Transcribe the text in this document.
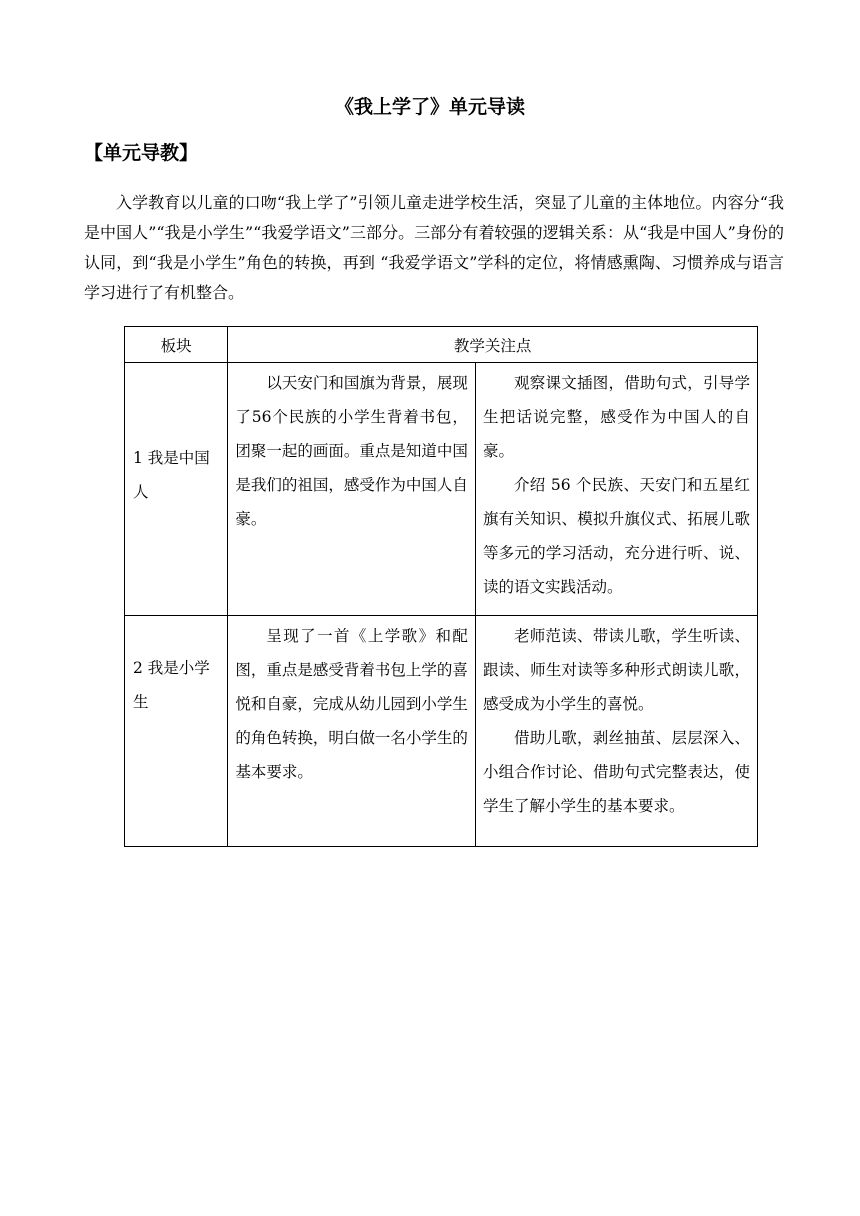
《我上学了》单元导读
【单元导教】

入学教育以儿童的口吻“我上学了”引领儿童走进学校生活，突显了儿童的主体地位。内容分“我是中国人”“我是小学生”“我爱学语文”三部分。三部分有着较强的逻辑关系：从“我是中国人”身份的认同，到“我是小学生”角色的转换，再到 “我爱学语文”学科的定位，将情感熏陶、习惯养成与语言学习进行了有机整合。

板块	教学关注点	

1 我是中国人	以天安门和国旗为背景，展现了56个民族的小学生背着书包，团聚一起的画面。重点是知道中国是我们的祖国，感受作为中国人自豪。	观察课文插图，借助句式，引导学生把话说完整，感受作为中国人的自豪。

介绍 56 个民族、天安门和五星红旗有关知识、模拟升旗仪式、拓展儿歌等多元的学习活动，充分进行听、说、读的语文实践活动。

2 我是小学生	呈现了一首《上学歌》和配图，重点是感受背着书包上学的喜悦和自豪，完成从幼儿园到小学生的角色转换，明白做一名小学生的基本要求。	老师范读、带读儿歌，学生听读、跟读、师生对读等多种形式朗读儿歌，感受成为小学生的喜悦。

借助儿歌，剥丝抽茧、层层深入、小组合作讨论、借助句式完整表达，使学生了解小学生的基本要求。
